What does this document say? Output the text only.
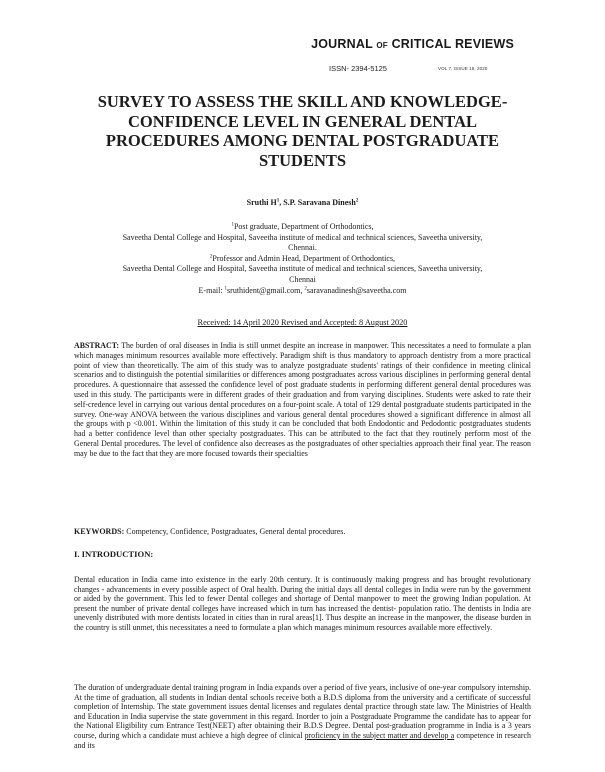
JOURNAL OF CRITICAL REVIEWS
ISSN- 2394-5125	VOL 7, ISSUE 19, 2020
SURVEY TO ASSESS THE SKILL AND KNOWLEDGE- CONFIDENCE LEVEL IN GENERAL DENTAL PROCEDURES AMONG DENTAL POSTGRADUATE STUDENTS
Sruthi $H^1$, S.P. Saravana Dinesh$^2$

$^1$Post graduate, Department of Orthodontics,

Saveetha Dental College and Hospital, Saveetha institute of medical and technical sciences, Saveetha university,

Chennai.

$^2$Professor and Admin Head, Department of Orthodontics,

Saveetha Dental College and Hospital, Saveetha institute of medical and technical sciences, Saveetha university,

Chennai

E-mail: $^1$sruthident@gmail.com, $^2$saravanadinesh@saveetha.com

Received: 14 April 2020 Revised and Accepted: 8 August 2020

ABSTRACT: The burden of oral diseases in India is still unmet despite an increase in manpower. This necessitates a need to formulate a plan which manages minimum resources available more effectively. Paradigm shift is thus mandatory to approach dentistry from a more practical point of view than theoretically. The aim of this study was to analyze postgraduate students' ratings of their confidence in meeting clinical scenarios and to distinguish the potential similarities or differences among postgraduates across various disciplines in performing general dental procedures. A questionnaire that assessed the confidence level of post graduate students in performing different general dental procedures was used in this study. The participants were in different grades of their graduation and from varying disciplines. Students were asked to rate their self-credence level in carrying out various dental procedures on a four-point scale. A total of 129 dental postgraduate students participated in the survey. One-way ANOVA between the various disciplines and various general dental procedures showed a significant difference in almost all the groups with p <0.001. Within the limitation of this study it can be concluded that both Endodontic and Pedodontic postgraduates students had a better confidence level than other specialty postgraduates. This can be attributed to the fact that they routinely perform most of the General Dental procedures. The level of confidence also decreases as the postgraduates of other specialties approach their final year. The reason may be due to the fact that they are more focused towards their specialties

KEYWORDS: Competency, Confidence, Postgraduates, General dental procedures.

I. INTRODUCTION:

Dental education in India came into existence in the early 20th century. It is continuously making progress and has brought revolutionary changes - advancements in every possible aspect of Oral health. During the initial days all dental colleges in India were run by the government or aided by the government. This led to fewer Dental colleges and shortage of Dental manpower to meet the growing Indian population. At present the number of private dental colleges have increased which in turn has increased the dentist- population ratio. The dentists in India are unevenly distributed with more dentists located in cities than in rural areas[1]. Thus despite an increase in the manpower, the disease burden in the country is still unmet, this necessitates a need to formulate a plan which manages minimum resources available more effectively.

The duration of undergraduate dental training program in India expands over a period of five years, inclusive of one-year compulsory internship. At the time of graduation, all students in Indian dental schools receive both a B.D.S diploma from the university and a certificate of successful completion of Internship. The state government issues dental licenses and regulates dental practice through state law. The Ministries of Health and Education in India supervise the state government in this regard. Inorder to join a Postgraduate Programme the candidate has to appear for the National Eligibility cum Entrance Test(NEET) after obtaining their B.D.S Degree. Dental post-graduation programme in India is a 3 years course, during which a candidate must achieve a high degree of clinical proficiency in the subject matter and develop a competence in research and its
